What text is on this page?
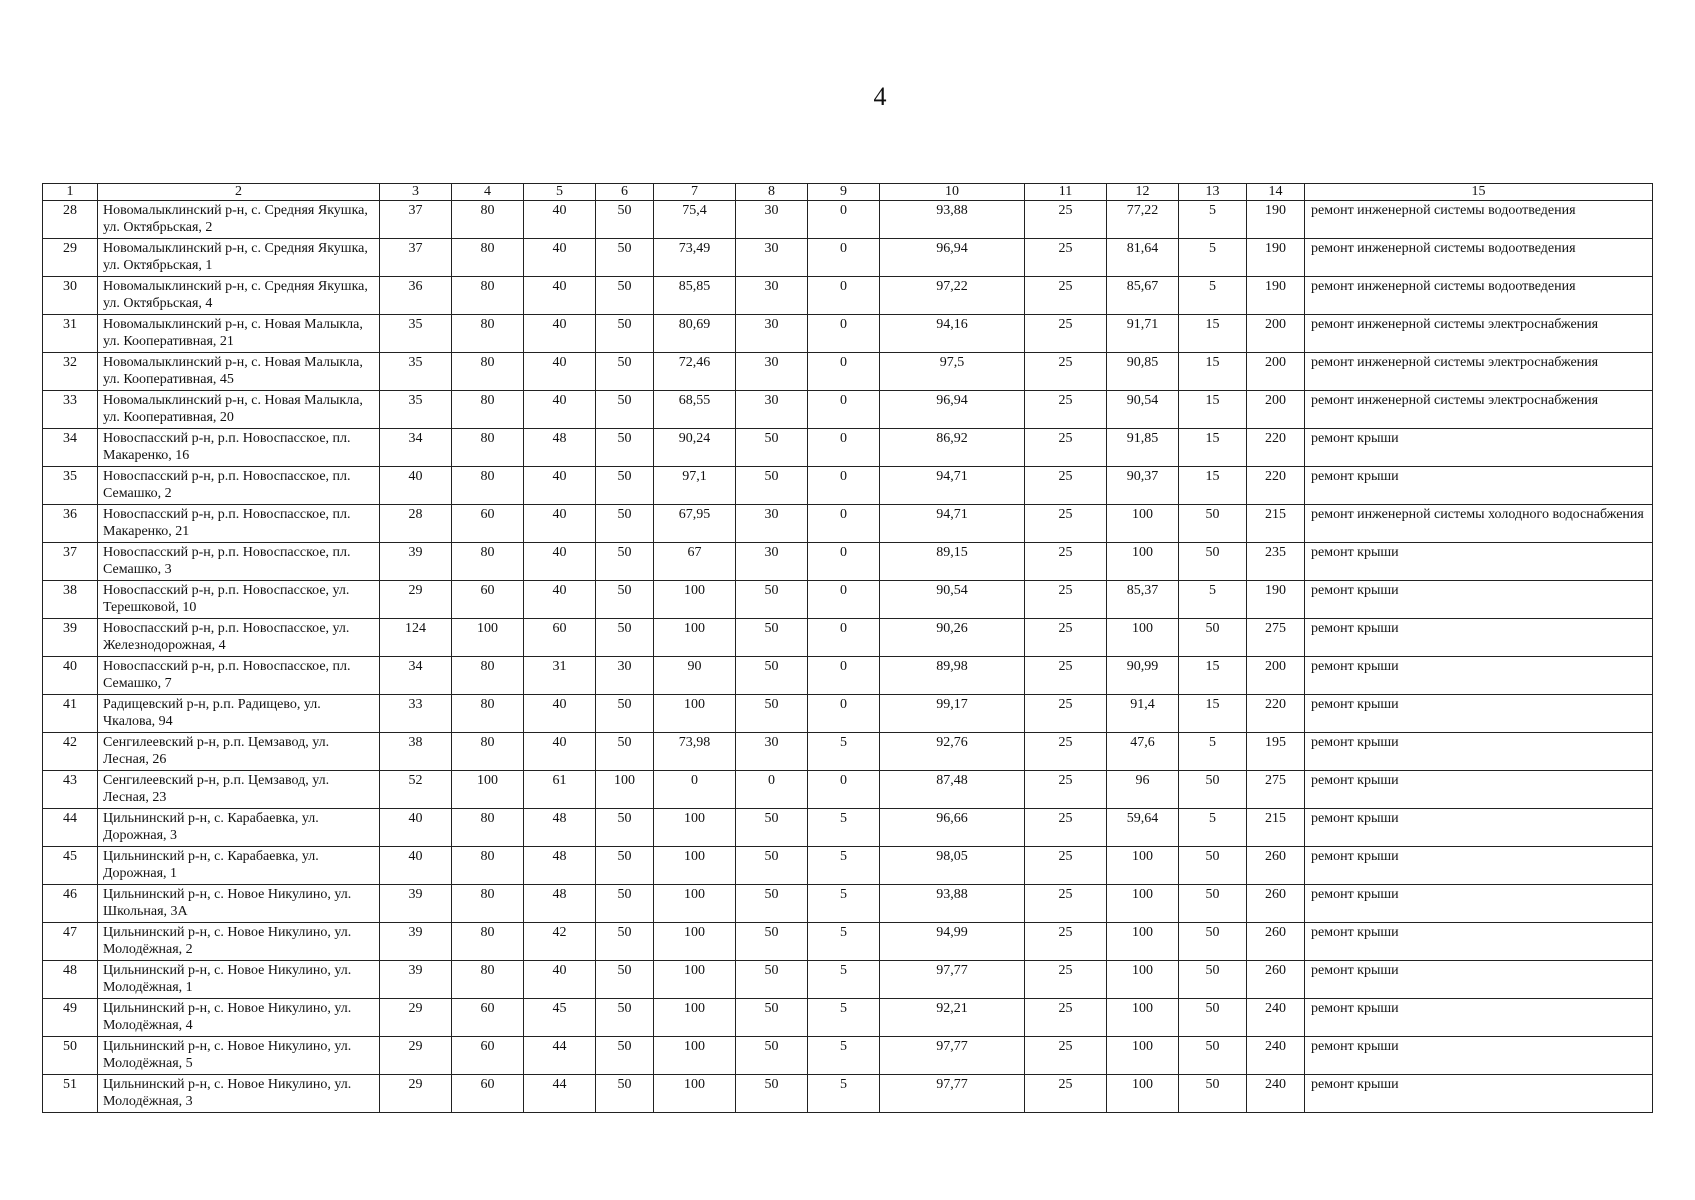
4
1	2	3	4	5	6	7	8	9	10	11	12	13	14	15
28	Новомалыклинский р-н, с. Средняя Якушка, ул. Октябрьская, 2	37	80	40	50	75,4	30	0	93,88	25	77,22	5	190	ремонт инженерной системы водоотведения
29	Новомалыклинский р-н, с. Средняя Якушка, ул. Октябрьская, 1	37	80	40	50	73,49	30	0	96,94	25	81,64	5	190	ремонт инженерной системы водоотведения
30	Новомалыклинский р-н, с. Средняя Якушка, ул. Октябрьская, 4	36	80	40	50	85,85	30	0	97,22	25	85,67	5	190	ремонт инженерной системы водоотведения
31	Новомалыклинский р-н, с. Новая Малыкла, ул. Кооперативная, 21	35	80	40	50	80,69	30	0	94,16	25	91,71	15	200	ремонт инженерной системы электроснабжения
32	Новомалыклинский р-н, с. Новая Малыкла, ул. Кооперативная, 45	35	80	40	50	72,46	30	0	97,5	25	90,85	15	200	ремонт инженерной системы электроснабжения
33	Новомалыклинский р-н, с. Новая Малыкла, ул. Кооперативная, 20	35	80	40	50	68,55	30	0	96,94	25	90,54	15	200	ремонт инженерной системы электроснабжения
34	Новоспасский р-н, р.п. Новоспасское, пл. Макаренко, 16	34	80	48	50	90,24	50	0	86,92	25	91,85	15	220	ремонт крыши
35	Новоспасский р-н, р.п. Новоспасское, пл. Семашко, 2	40	80	40	50	97,1	50	0	94,71	25	90,37	15	220	ремонт крыши
36	Новоспасский р-н, р.п. Новоспасское, пл. Макаренко, 21	28	60	40	50	67,95	30	0	94,71	25	100	50	215	ремонт инженерной системы холодного водоснабжения
37	Новоспасский р-н, р.п. Новоспасское, пл. Семашко, 3	39	80	40	50	67	30	0	89,15	25	100	50	235	ремонт крыши
38	Новоспасский р-н, р.п. Новоспасское, ул. Терешковой, 10	29	60	40	50	100	50	0	90,54	25	85,37	5	190	ремонт крыши
39	Новоспасский р-н, р.п. Новоспасское, ул. Железнодорожная, 4	124	100	60	50	100	50	0	90,26	25	100	50	275	ремонт крыши
40	Новоспасский р-н, р.п. Новоспасское, пл. Семашко, 7	34	80	31	30	90	50	0	89,98	25	90,99	15	200	ремонт крыши
41	Радищевский р-н, р.п. Радищево, ул. Чкалова, 94	33	80	40	50	100	50	0	99,17	25	91,4	15	220	ремонт крыши
42	Сенгилеевский р-н, р.п. Цемзавод, ул. Лесная, 26	38	80	40	50	73,98	30	5	92,76	25	47,6	5	195	ремонт крыши
43	Сенгилеевский р-н, р.п. Цемзавод, ул. Лесная, 23	52	100	61	100	0	0	0	87,48	25	96	50	275	ремонт крыши
44	Цильнинский р-н, с. Карабаевка, ул. Дорожная, 3	40	80	48	50	100	50	5	96,66	25	59,64	5	215	ремонт крыши
45	Цильнинский р-н, с. Карабаевка, ул. Дорожная, 1	40	80	48	50	100	50	5	98,05	25	100	50	260	ремонт крыши
46	Цильнинский р-н, с. Новое Никулино, ул. Школьная, 3А	39	80	48	50	100	50	5	93,88	25	100	50	260	ремонт крыши
47	Цильнинский р-н, с. Новое Никулино, ул. Молодёжная, 2	39	80	42	50	100	50	5	94,99	25	100	50	260	ремонт крыши
48	Цильнинский р-н, с. Новое Никулино, ул. Молодёжная, 1	39	80	40	50	100	50	5	97,77	25	100	50	260	ремонт крыши
49	Цильнинский р-н, с. Новое Никулино, ул. Молодёжная, 4	29	60	45	50	100	50	5	92,21	25	100	50	240	ремонт крыши
50	Цильнинский р-н, с. Новое Никулино, ул. Молодёжная, 5	29	60	44	50	100	50	5	97,77	25	100	50	240	ремонт крыши
51	Цильнинский р-н, с. Новое Никулино, ул. Молодёжная, 3	29	60	44	50	100	50	5	97,77	25	100	50	240	ремонт крыши
